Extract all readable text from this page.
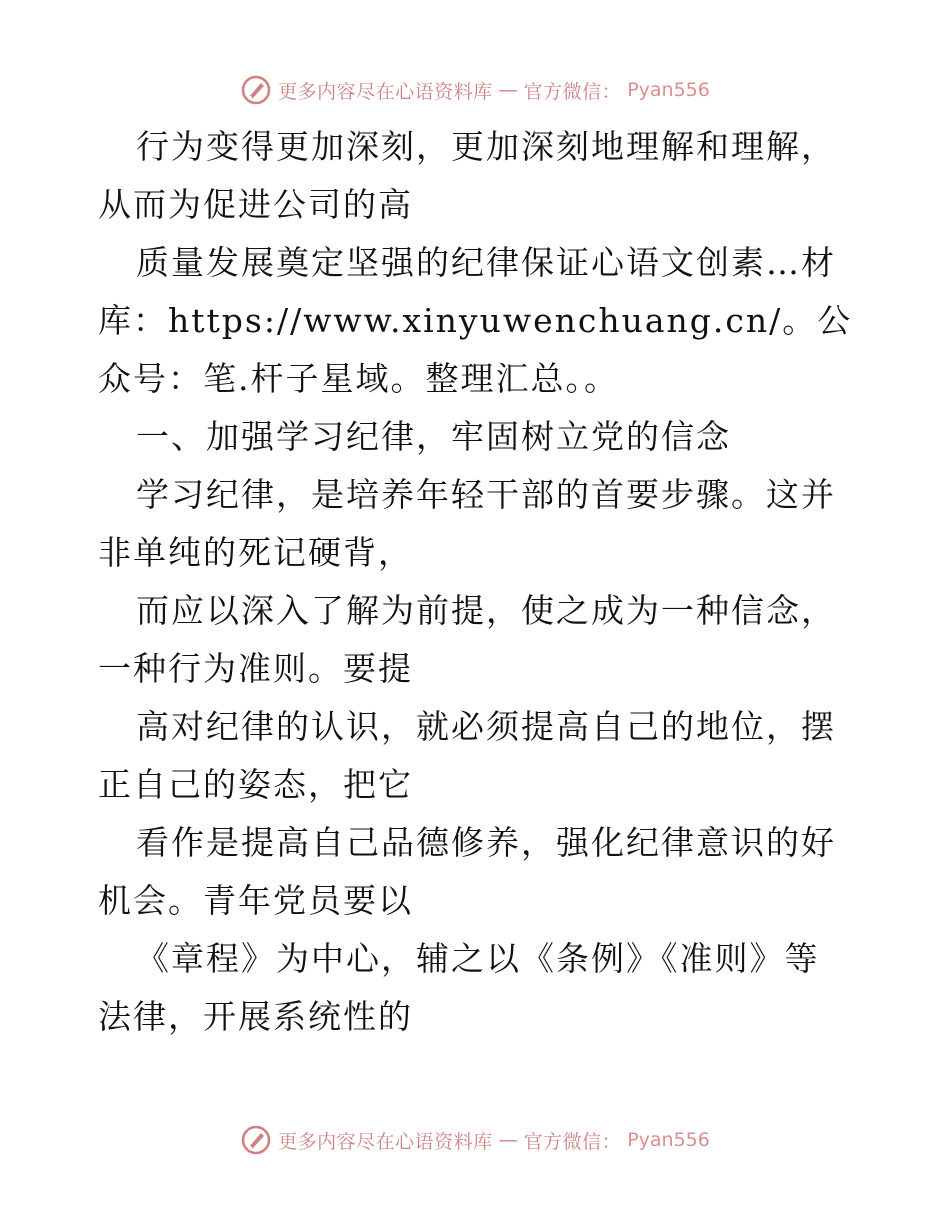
更多内容尽在心语资料库 — 官方微信： Pyan556

行为变得更加深刻，更加深刻地理解和理解，从而为促进公司的高

质量发展奠定坚强的纪律保证心语文创素…材库：https://www.xinyuwenchuang.cn/。公众号：笔.杆子星域。整理汇总。。

一、加强学习纪律，牢固树立党的信念

学习纪律，是培养年轻干部的首要步骤。这并非单纯的死记硬背，

而应以深入了解为前提，使之成为一种信念，一种行为准则。要提

高对纪律的认识，就必须提高自己的地位，摆正自己的姿态，把它

看作是提高自己品德修养，强化纪律意识的好机会。青年党员要以

《章程》为中心，辅之以《条例》《准则》等法律，开展系统性的

更多内容尽在心语资料库 — 官方微信： Pyan556
